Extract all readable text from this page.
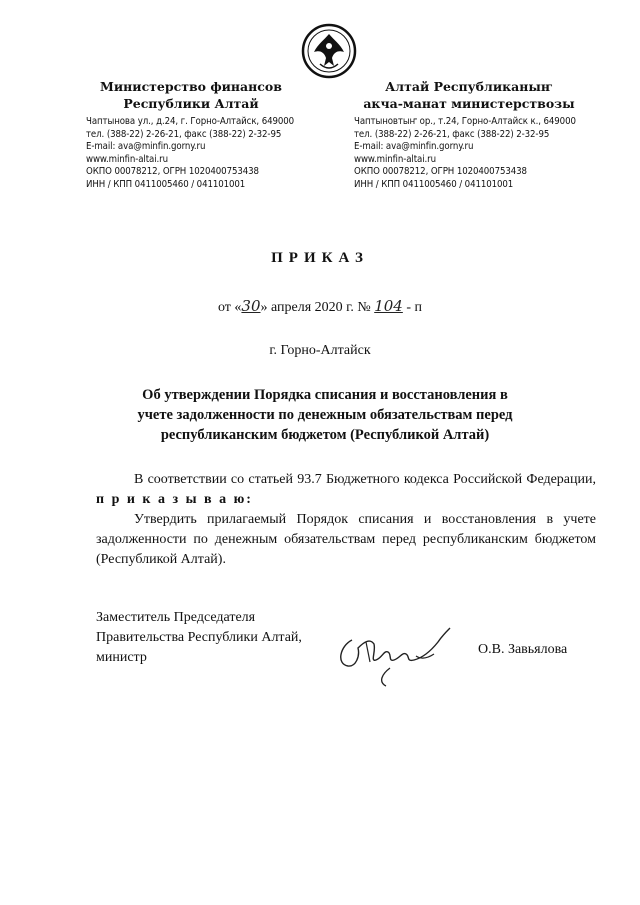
Министерство финансов
Республики Алтай
Чаптынова ул., д.24, г. Горно-Алтайск, 649000
тел. (388-22) 2-26-21, факс (388-22) 2-32-95
E-mail: ava@minfin.gorny.ru
www.minfin-altai.ru
ОКПО 00078212, ОГРН 1020400753438
ИНН / КПП 0411005460 / 041101001
Алтай Республиканыҥ
акча-манат министерствозы
Чаптыновтыҥ ор., т.24, Горно-Алтайск к., 649000
тел. (388-22) 2-26-21, факс (388-22) 2-32-95
E-mail: ava@minfin.gorny.ru
www.minfin-altai.ru
ОКПО 00078212, ОГРН 1020400753438
ИНН / КПП 0411005460 / 041101001
ПРИКАЗ
от «30» апреля 2020 г. № 104 - п
г. Горно-Алтайск
Об утверждении Порядка списания и восстановления в учете задолженности по денежным обязательствам перед республиканским бюджетом (Республикой Алтай)
В соответствии со статьей 93.7 Бюджетного кодекса Российской Федерации, п р и к а з ы в а ю:
Утвердить прилагаемый Порядок списания и восстановления в учете задолженности по денежным обязательствам перед республиканским бюджетом (Республикой Алтай).
Заместитель Председателя
Правительства Республики Алтай,
министр
О.В. Завьялова
